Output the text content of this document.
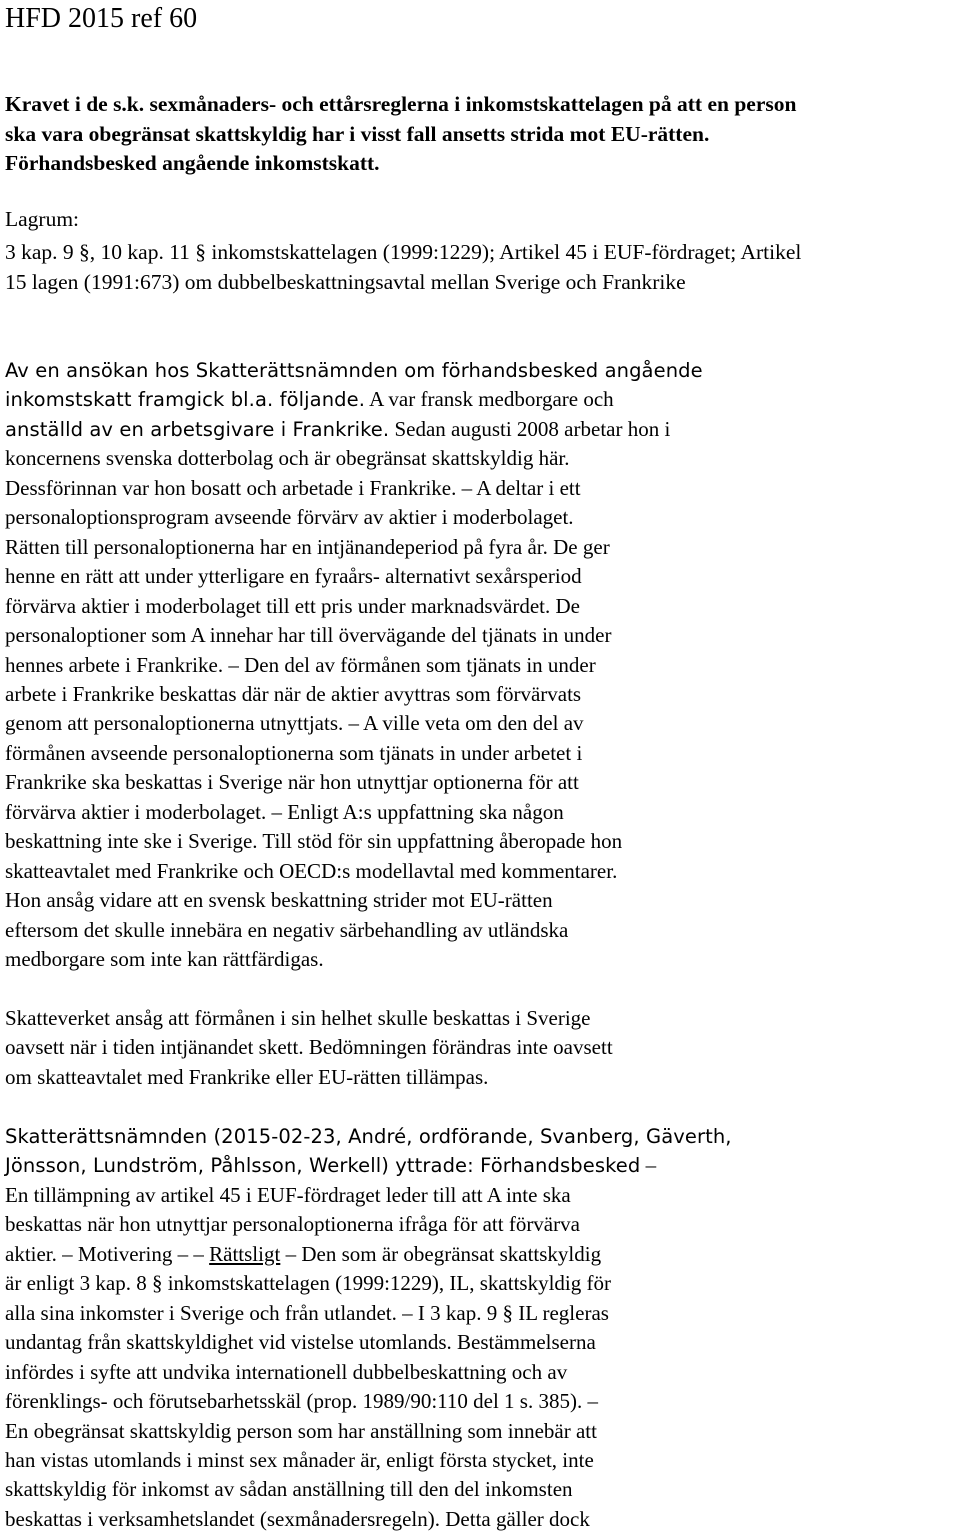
HFD 2015 ref 60
Kravet i de s.k. sexmånaders- och ettårsreglerna i inkomstskattelagen på att en person
ska vara obegränsat skattskyldig har i visst fall ansetts strida mot EU-rätten.
Förhandsbesked angående inkomstskatt.
Lagrum:
3 kap. 9 §, 10 kap. 11 § inkomstskattelagen (1999:1229); Artikel 45 i EUF-fördraget; Artikel
15 lagen (1991:673) om dubbelbeskattningsavtal mellan Sverige och Frankrike
Av en ansökan hos Skatterättsnämnden om förhandsbesked angående
inkomstskatt framgick bl.a. följande. A var fransk medborgare och
anställd av en arbetsgivare i Frankrike. Sedan augusti 2008 arbetar hon i
koncernens svenska dotterbolag och är obegränsat skattskyldig här.
Dessförinnan var hon bosatt och arbetade i Frankrike. – A deltar i ett
personaloptionsprogram avseende förvärv av aktier i moderbolaget.
Rätten till personaloptionerna har en intjänandeperiod på fyra år. De ger
henne en rätt att under ytterligare en fyraårs- alternativt sexårsperiod
förvärva aktier i moderbolaget till ett pris under marknadsvärdet. De
personaloptioner som A innehar har till övervägande del tjänats in under
hennes arbete i Frankrike. – Den del av förmånen som tjänats in under
arbete i Frankrike beskattas där när de aktier avyttras som förvärvats
genom att personaloptionerna utnyttjats. – A ville veta om den del av
förmånen avseende personaloptionerna som tjänats in under arbetet i
Frankrike ska beskattas i Sverige när hon utnyttjar optionerna för att
förvärva aktier i moderbolaget. – Enligt A:s uppfattning ska någon
beskattning inte ske i Sverige. Till stöd för sin uppfattning åberopade hon
skatteavtalet med Frankrike och OECD:s modellavtal med kommentarer.
Hon ansåg vidare att en svensk beskattning strider mot EU-rätten
eftersom det skulle innebära en negativ särbehandling av utländska
medborgare som inte kan rättfärdigas.
Skatteverket ansåg att förmånen i sin helhet skulle beskattas i Sverige
oavsett när i tiden intjänandet skett. Bedömningen förändras inte oavsett
om skatteavtalet med Frankrike eller EU-rätten tillämpas.
Skatterättsnämnden (2015-02-23, André, ordförande, Svanberg, Gäverth,
Jönsson, Lundström, Påhlsson, Werkell) yttrade: Förhandsbesked –
En tillämpning av artikel 45 i EUF-fördraget leder till att A inte ska
beskattas när hon utnyttjar personaloptionerna ifråga för att förvärva
aktier. – Motivering – – Rättsligt – Den som är obegränsat skattskyldig
är enligt 3 kap. 8 § inkomstskattelagen (1999:1229), IL, skattskyldig för
alla sina inkomster i Sverige och från utlandet. – I 3 kap. 9 § IL regleras
undantag från skattskyldighet vid vistelse utomlands. Bestämmelserna
infördes i syfte att undvika internationell dubbelbeskattning och av
förenklings- och förutsebarhetsskäl (prop. 1989/90:110 del 1 s. 385). –
En obegränsat skattskyldig person som har anställning som innebär att
han vistas utomlands i minst sex månader är, enligt första stycket, inte
skattskyldig för inkomst av sådan anställning till den del inkomsten
beskattas i verksamhetslandet (sexmånadersregeln). Detta gäller dock
